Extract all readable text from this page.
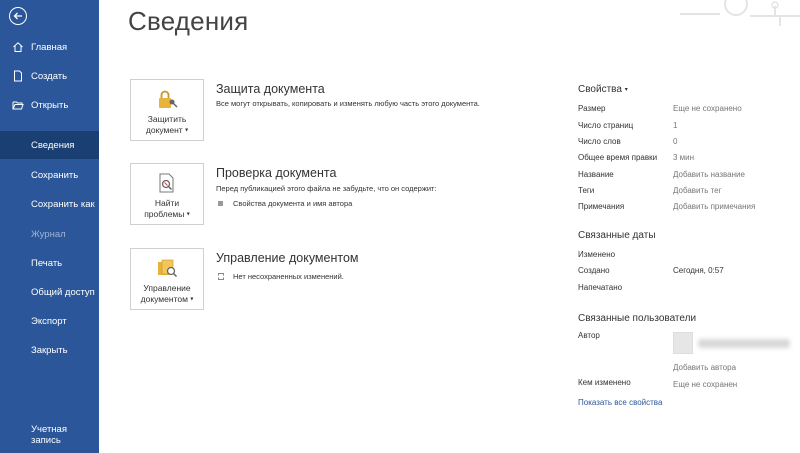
Главная
Создать
Открыть
Сведения
Сохранить
Сохранить как
Журнал
Печать
Общий доступ
Экспорт
Закрыть
Учетная запись
Сведения
Защитить
документ ▾
Защита документа
Все могут открывать, копировать и изменять любую часть этого документа.
Найти
проблемы ▾
Проверка документа
Перед публикацией этого файла не забудьте, что он содержит:
Свойства документа и имя автора
Управление
документом ▾
Управление документом
Нет несохраненных изменений.
Свойства ▾
Размер	Еще не сохранено
Число страниц	1
Число слов	0
Общее время правки 3 мин
Название	Добавить название
Теги	Добавить тег
Примечания	Добавить примечания
Связанные даты
Изменено
Создано	Сегодня, 0:57
Напечатано
Связанные пользователи
Автор
Добавить автора
Кем изменено	Еще не сохранен
Показать все свойства
